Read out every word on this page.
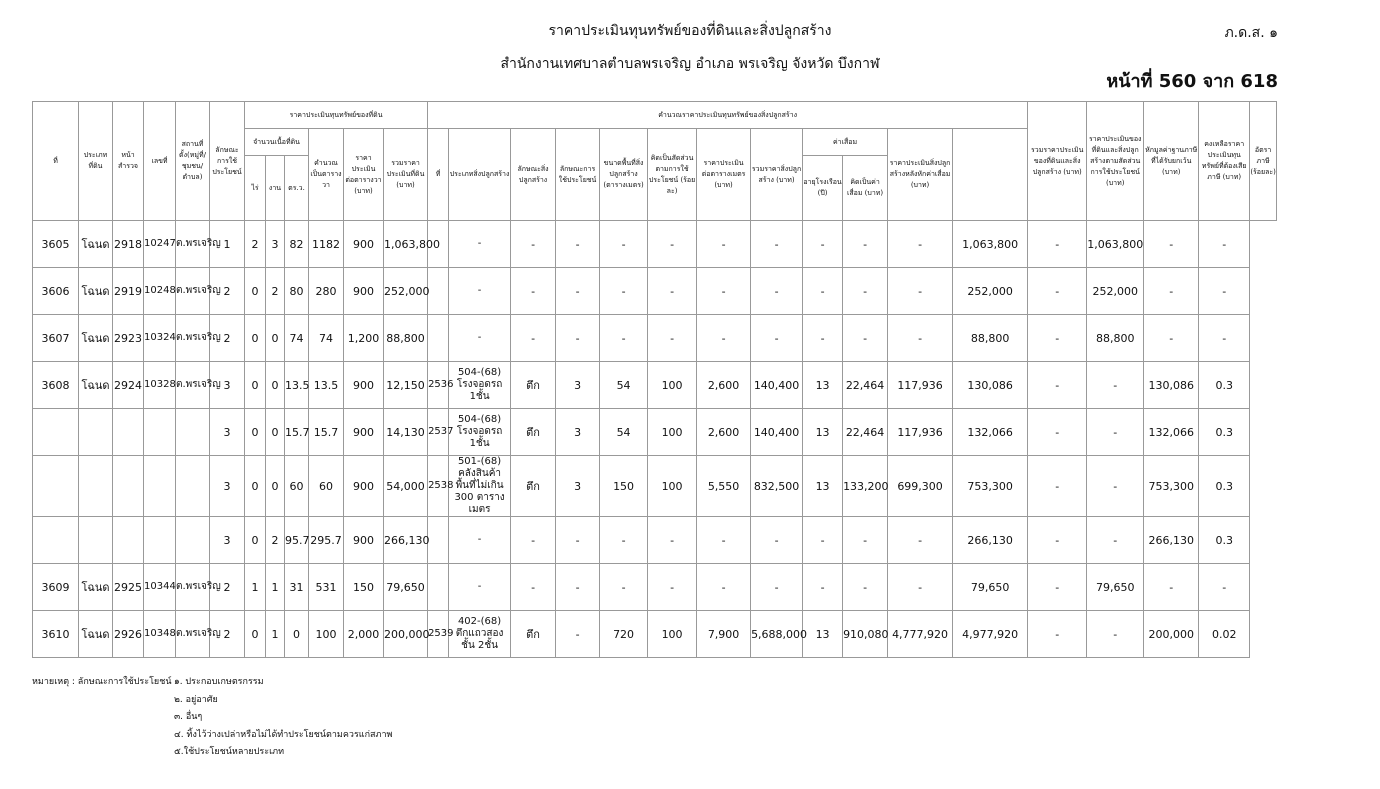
ราคาประเมินทุนทรัพย์ของที่ดินและสิ่งปลูกสร้าง
สำนักงานเทศบาลตำบลพรเจริญ อำเภอ พรเจริญ จังหวัด บึงกาฬ
ภ.ด.ส. ๑
หน้าที่ 560 จาก 618
ที่	ประเภทที่ดิน	หน้าสำรวจ	เลขที่	สถานที่ตั้ง(หมู่ที่/ชุมชน/ตำบล)	ลักษณะการใช้ประโยชน์	ราคาประเมินทุนทรัพย์ของที่ดิน						คำนวณราคาประเมินทุนทรัพย์ของสิ่งปลูกสร้าง												รวมราคาประเมินของที่ดินและสิ่งปลูกสร้าง (บาท)	ราคาประเมินของที่ดินและสิ่งปลูกสร้างตามสัดส่วนการใช้ประโยชน์ (บาท)	หักมูลค่าฐานภาษีที่ได้รับยกเว้น (บาท)	คงเหลือราคาประเมินทุนทรัพย์ที่ต้องเสียภาษี (บาท)	อัตราภาษี (ร้อยละ)
						จำนวนเนื้อที่ดิน			คำนวณเป็นตารางวา	ราคาประเมินต่อตารางวา (บาท)	รวมราคาประเมินที่ดิน (บาท)	ที่	ประเภทสิ่งปลูกสร้าง	ลักษณะสิ่งปลูกสร้าง	ลักษณะการใช้ประโยชน์	ขนาดพื้นที่สิ่งปลูกสร้าง (ตารางเมตร)	คิดเป็นสัดส่วนตามการใช้ประโยชน์ (ร้อยละ)	ราคาประเมินต่อตารางเมตร (บาท)	รวมราคาสิ่งปลูกสร้าง (บาท)	ค่าเสื่อม		ราคาประเมินสิ่งปลูกสร้างหลังหักค่าเสื่อม (บาท)						
						ไร่	งาน	ตร.ว.												อายุโรงเรือน (ปี)	คิดเป็นค่าเสื่อม (บาท)							
3605	โฉนด	2918	10247	ต.พรเจริญ	1	2	3	82	1182	900	1,063,800		-	-	-	-	-	-	-	-	-	-	1,063,800	-	1,063,800	-	-	
3606	โฉนด	2919	10248	ต.พรเจริญ	2	0	2	80	280	900	252,000		-	-	-	-	-	-	-	-	-	-	252,000	-	252,000	-	-	
3607	โฉนด	2923	10324	ต.พรเจริญ	2	0	0	74	74	1,200	88,800		-	-	-	-	-	-	-	-	-	-	88,800	-	88,800	-	-	
3608	โฉนด	2924	10328	ต.พรเจริญ	3	0	0	13.5	13.5	900	12,150	2536	504-(68) โรงจอดรถ 1ชั้น	ตึก	3	54	100	2,600	140,400	13	22,464	117,936	130,086	-	-	130,086	0.3	
					3	0	0	15.7	15.7	900	14,130	2537	504-(68) โรงจอดรถ 1ชั้น	ตึก	3	54	100	2,600	140,400	13	22,464	117,936	132,066	-	-	132,066	0.3	
					3	0	0	60	60	900	54,000	2538	501-(68) คลังสินค้า พื้นที่ไม่เกิน 300 ตารางเมตร	ตึก	3	150	100	5,550	832,500	13	133,200	699,300	753,300	-	-	753,300	0.3	
					3	0	2	95.7	295.7	900	266,130		-	-	-	-	-	-	-	-	-	-	266,130	-	-	266,130	0.3	
3609	โฉนด	2925	10344	ต.พรเจริญ	2	1	1	31	531	150	79,650		-	-	-	-	-	-	-	-	-	-	79,650	-	79,650	-	-	
3610	โฉนด	2926	10348	ต.พรเจริญ	2	0	1	0	100	2,000	200,000	2539	402-(68) ตึกแถวสองชั้น 2ชั้น	ตึก	-	720	100	7,900	5,688,000	13	910,080	4,777,920	4,977,920	-	-	200,000	0.02	
หมายเหตุ : ลักษณะการใช้ประโยชน์ ๑. ประกอบเกษตรกรรม
๒. อยู่อาศัย
๓. อื่นๆ
๔. ทิ้งไว้ว่างเปล่าหรือไม่ได้ทำประโยชน์ตามควรแก่สภาพ
๕.ใช้ประโยชน์หลายประเภท
